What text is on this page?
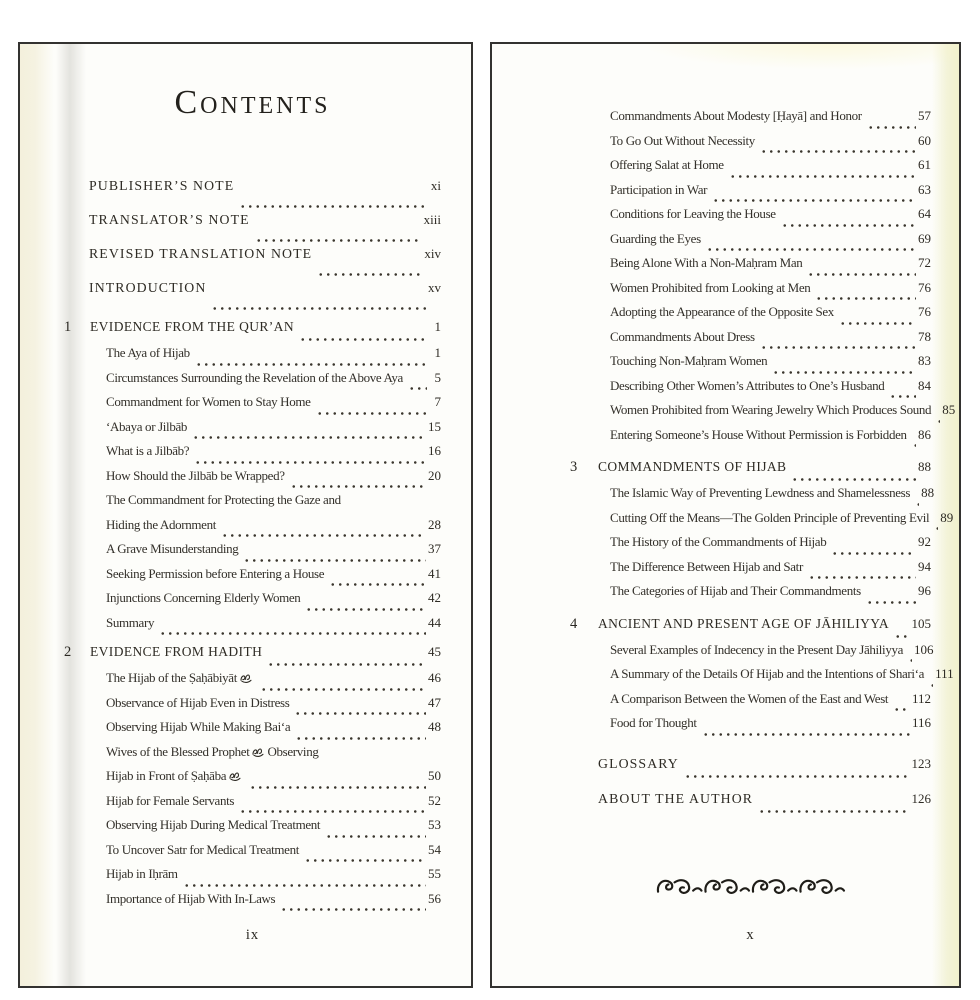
Contents
PUBLISHER’S NOTE	xi
TRANSLATOR’S NOTE	xiii
REVISED TRANSLATION NOTE	xiv
INTRODUCTION	xv
1	EVIDENCE FROM THE QUR’AN	1
The Aya of Hijab	1
Circumstances Surrounding the Revelation of the Above Aya	5
Commandment for Women to Stay Home	7
‘Abaya or Jilbāb	15
What is a Jilbāb?	16
How Should the Jilbāb be Wrapped?	20
The Commandment for Protecting the Gaze and
Hiding the Adornment	28
A Grave Misunderstanding	37
Seeking Permission before Entering a House	41
Injunctions Concerning Elderly Women	42
Summary	44
2	EVIDENCE FROM HADITH	45
The Hijab of the Ṣaḥābiyāt	46
Observance of Hijab Even in Distress	47
Observing Hijab While Making Bai‘a	48
Wives of the Blessed Prophet Observing
Hijab in Front of Ṣaḥāba	50
Hijab for Female Servants	52
Observing Hijab During Medical Treatment	53
To Uncover Satr for Medical Treatment	54
Hijab in Iḥrām	55
Importance of Hijab With In-Laws	56
ix
Commandments About Modesty [Ḥayā] and Honor	57
To Go Out Without Necessity	60
Offering Salat at Home	61
Participation in War	63
Conditions for Leaving the House	64
Guarding the Eyes	69
Being Alone With a Non-Maḥram Man	72
Women Prohibited from Looking at Men	76
Adopting the Appearance of the Opposite Sex	76
Commandments About Dress	78
Touching Non-Maḥram Women	83
Describing Other Women’s Attributes to One’s Husband	84
Women Prohibited from Wearing Jewelry Which Produces Sound 85
Entering Someone’s House Without Permission is Forbidden 86
3	COMMANDMENTS OF HIJAB	88
The Islamic Way of Preventing Lewdness and Shamelessness 88
Cutting Off the Means—The Golden Principle of Preventing Evil 89
The History of the Commandments of Hijab	92
The Difference Between Hijab and Satr	94
The Categories of Hijab and Their Commandments	96
4	ANCIENT AND PRESENT AGE OF JĀHILIYYA 105
Several Examples of Indecency in the Present Day Jāhiliyya 106
A Summary of the Details Of Hijab and the Intentions of Shari‘a 111
A Comparison Between the Women of the East and West 112
Food for Thought	116
GLOSSARY	123
ABOUT THE AUTHOR	126
x
